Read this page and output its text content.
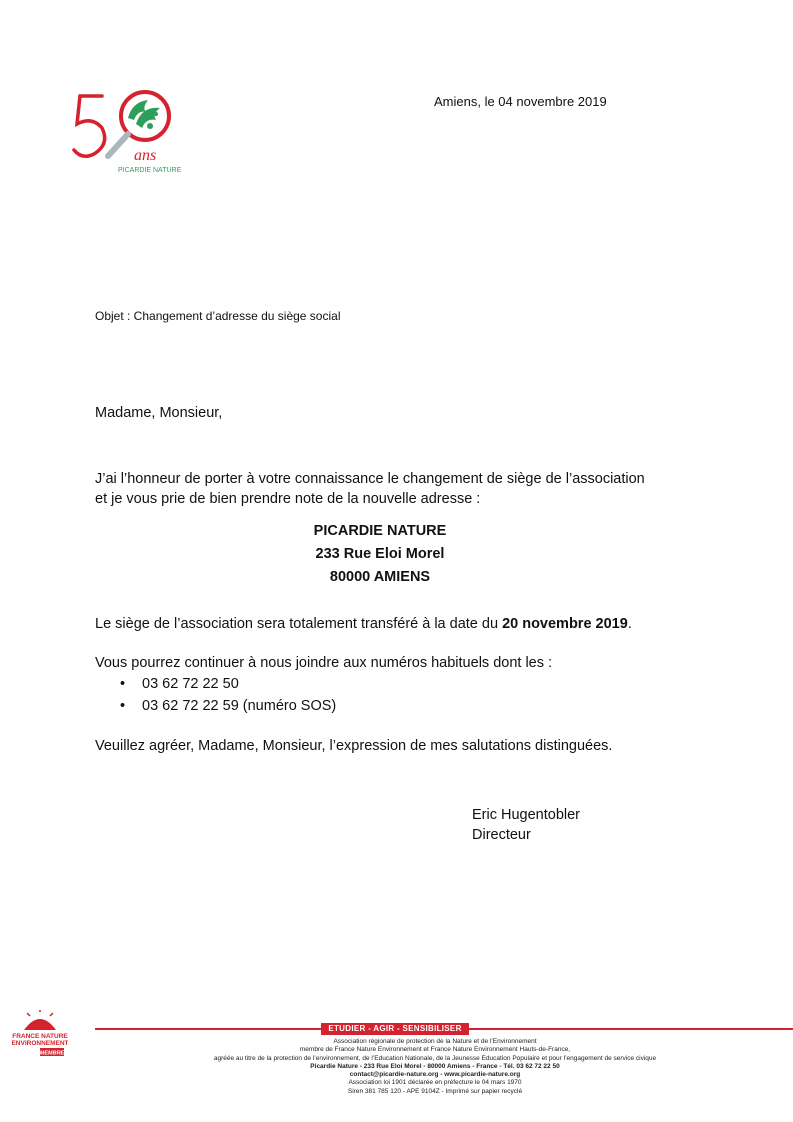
ans
PICARDIE NATURE
Amiens, le 04 novembre 2019
Objet : Changement d’adresse du siège social
Madame, Monsieur,
J’ai l’honneur de porter à votre connaissance le changement de siège de l’association
et je vous prie de bien prendre note de la nouvelle adresse :
PICARDIE NATURE
233 Rue Eloi Morel
80000 AMIENS
Le siège de l’association sera totalement transféré à la date du 20 novembre 2019.
Vous pourrez continuer à nous joindre aux numéros habituels dont les :
• 03 62 72 22 50
• 03 62 72 22 59 (numéro SOS)
Veuillez agréer, Madame, Monsieur, l’expression de mes salutations distinguées.
Eric Hugentobler
Directeur
FRANCE NATURE
ENVIRONNEMENT
MEMBRE
ETUDIER - AGIR - SENSIBILISER
Association régionale de protection de la Nature et de l’Environnement
membre de France Nature Environnement et France Nature Environnement Hauts-de-France,
agréée au titre de la protection de l’environnement, de l’Education Nationale, de la Jeunesse Education Populaire et pour l’engagement de service civique
Picardie Nature - 233 Rue Eloi Morel - 80000 Amiens - France - Tél. 03 62 72 22 50
contact@picardie-nature.org - www.picardie-nature.org
Association loi 1901 déclarée en préfecture le 04 mars 1970
Siren 381 785 120 - APE 9104Z - Imprimé sur papier recyclé
